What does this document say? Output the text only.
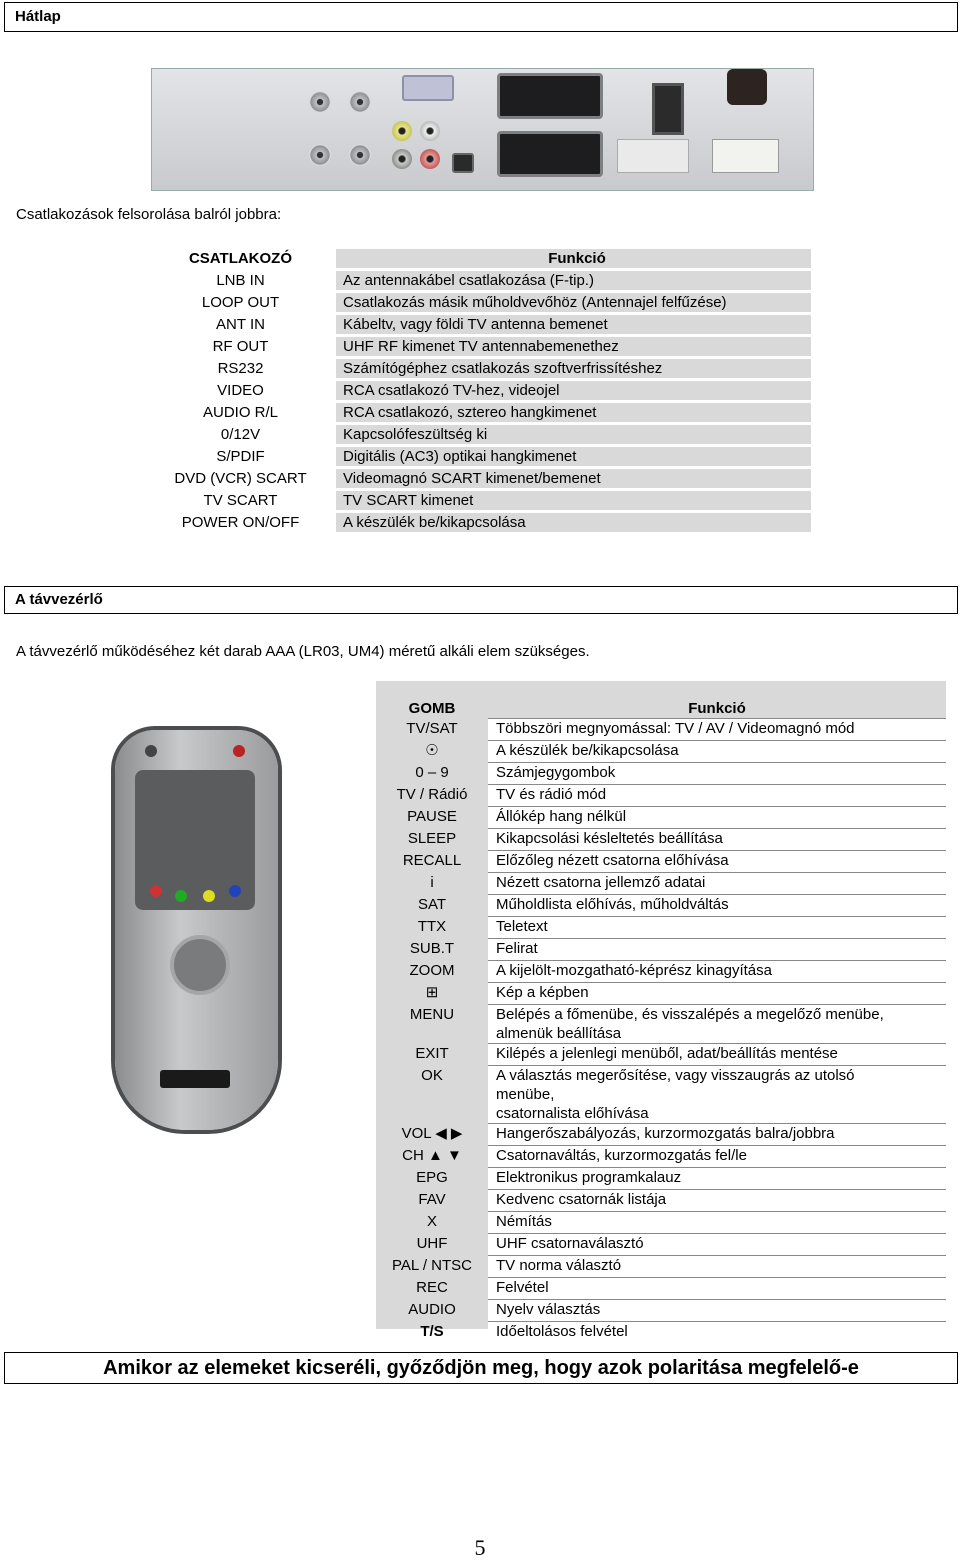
Hátlap
Csatlakozások felsorolása balról jobbra:
CSATLAKOZÓ		Funkció
LNB IN		Az antennakábel csatlakozása (F-tip.)
LOOP OUT		Csatlakozás másik műholdvevőhöz (Antennajel felfűzése)
ANT IN		Kábeltv, vagy földi TV antenna bemenet
RF OUT		UHF RF kimenet TV antennabemenethez
RS232		Számítógéphez csatlakozás szoftverfrissítéshez
VIDEO		RCA csatlakozó TV-hez, videojel
AUDIO R/L		RCA csatlakozó, sztereo hangkimenet
0/12V		Kapcsolófeszültség ki
S/PDIF		Digitális (AC3) optikai hangkimenet
DVD (VCR) SCART		Videomagnó SCART kimenet/bemenet
TV SCART		TV SCART kimenet
POWER ON/OFF		A készülék be/kikapcsolása
A távvezérlő
A távvezérlő működéséhez két darab AAA (LR03, UM4) méretű alkáli elem szükséges.
GOMB	Funkció
TV/SAT	Többszöri megnyomással: TV / AV / Videomagnó mód
☉	A készülék be/kikapcsolása
0 – 9	Számjegygombok
TV / Rádió	TV és rádió mód
PAUSE	Állókép hang nélkül
SLEEP	Kikapcsolási késleltetés beállítása
RECALL	Előzőleg nézett csatorna előhívása
i	Nézett csatorna jellemző adatai
SAT	Műholdlista előhívás, műholdváltás
TTX	Teletext
SUB.T	Felirat
ZOOM	A kijelölt-mozgatható-képrész kinagyítása
⊞	Kép a képben
MENU	Belépés a főmenübe, és visszalépés a megelőző menübe,
almenük beállítása
EXIT	Kilépés a jelenlegi menüből, adat/beállítás mentése
OK	A választás megerősítése, vagy visszaugrás az utolsó
menübe,
csatornalista előhívása
VOL ◀ ▶	Hangerőszabályozás, kurzormozgatás balra/jobbra
CH ▲ ▼	Csatornaváltás, kurzormozgatás fel/le
EPG	Elektronikus programkalauz
FAV	Kedvenc csatornák listája
X	Némítás
UHF	UHF csatornaválasztó
PAL / NTSC	TV norma választó
REC	Felvétel
AUDIO	Nyelv választás
T/S	Időeltolásos felvétel
Amikor az elemeket kicseréli, győződjön meg, hogy azok polaritása megfelelő-e
5
